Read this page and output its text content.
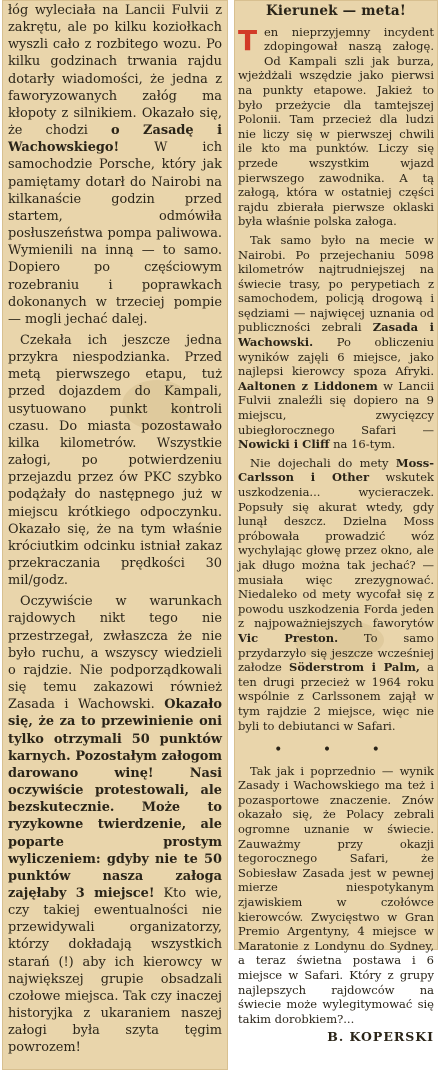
łóg wyleciała na Lancii Fulvii z zakrętu, ale po kilku koziołkach wyszli cało z rozbitego wozu. Po kilku godzinach trwania rajdu dotarły wiadomości, że jedna z faworyzowanych załóg ma kłopoty z silnikiem. Okazało się, że chodzi o Zasadę i Wachowskiego! W ich samochodzie Porsche, który jak pamiętamy dotarł do Nairobi na kilkanaście godzin przed startem, odmówiła posłuszeństwa pompa paliwowa. Wymienili na inną — to samo. Dopiero po częściowym rozebraniu i poprawkach dokonanych w trzeciej pompie — mogli jechać dalej.

Czekała ich jeszcze jedna przykra niespodzianka. Przed metą pierwszego etapu, tuż przed dojazdem do Kampali, usytuowano punkt kontroli czasu. Do miasta pozostawało kilka kilometrów. Wszystkie załogi, po potwierdzeniu przejazdu przez ów PKC szybko podążały do następnego już w miejscu krótkiego odpoczynku. Okazało się, że na tym właśnie króciutkim odcinku istniał zakaz przekraczania prędkości 30 mil/godz.

Oczywiście w warunkach rajdowych nikt tego nie przestrzegał, zwłaszcza że nie było ruchu, a wszyscy wiedzieli o rajdzie. Nie podporządkowali się temu zakazowi również Zasada i Wachowski. Okazało się, że za to przewinienie oni tylko otrzymali 50 punktów karnych. Pozostałym załogom darowano winę! Nasi oczywiście protestowali, ale bezskutecznie. Może to ryzykowne twierdzenie, ale poparte prostym wyliczeniem: gdyby nie te 50 punktów nasza załoga zajęłaby 3 miejsce! Kto wie, czy takiej ewentualności nie przewidywali organizatorzy, którzy dokładają wszystkich starań (!) aby ich kierowcy w największej grupie obsadzali czołowe miejsca. Tak czy inaczej historyjka z ukaraniem naszej załogi była szyta tęgim powrozem!

Kierunek — meta!

Ten nieprzyjemny incydent zdopingował naszą załogę. Od Kampali szli jak burza, wjeżdżali wszędzie jako pierwsi na punkty etapowe. Jakież to było przeżycie dla tamtejszej Polonii. Tam przecież dla ludzi nie liczy się w pierwszej chwili ile kto ma punktów. Liczy się przede wszystkim wjazd pierwszego zawodnika. A tą załogą, która w ostatniej części rajdu zbierała pierwsze oklaski była właśnie polska załoga.

Tak samo było na mecie w Nairobi. Po przejechaniu 5098 kilometrów najtrudniejszej na świecie trasy, po perypetiach z samochodem, policją drogową i sędziami — najwięcej uznania od publiczności zebrali Zasada i Wachowski. Po obliczeniu wyników zajęli 6 miejsce, jako najlepsi kierowcy spoza Afryki. Aaltonen z Liddonem w Lancii Fulvii znaleźli się dopiero na 9 miejscu, zwycięzcy ubiegłorocznego Safari — Nowicki i Cliff na 16-tym.

Nie dojechali do mety Moss-Carlsson i Other wskutek uszkodzenia... wycieraczek. Popsuły się akurat wtedy, gdy lunął deszcz. Dzielna Moss próbowała prowadzić wóz wychylając głowę przez okno, ale jak długo można tak jechać? — musiała więc zrezygnować. Niedaleko od mety wycofał się z powodu uszkodzenia Forda jeden z najpoważniejszych faworytów Vic Preston. To samo przydarzyło się jeszcze wcześniej załodze Söderstrom i Palm, a ten drugi przecież w 1964 roku wspólnie z Carlssonem zajął w tym rajdzie 2 miejsce, więc nie byli to debiutanci w Safari.

• • •

Tak jak i poprzednio — wynik Zasady i Wachowskiego ma też i pozasportowe znaczenie. Znów okazało się, że Polacy zebrali ogromne uznanie w świecie. Zauważmy przy okazji tegorocznego Safari, że Sobiesław Zasada jest w pewnej mierze niespotykanym zjawiskiem w czołówce kierowców. Zwycięstwo w Gran Premio Argentyny, 4 miejsce w Maratonie z Londynu do Sydney, a teraz świetna postawa i 6 miejsce w Safari. Który z grupy najlepszych rajdowców na świecie może wylegitymować się takim dorobkiem?...

B. KOPERSKI
